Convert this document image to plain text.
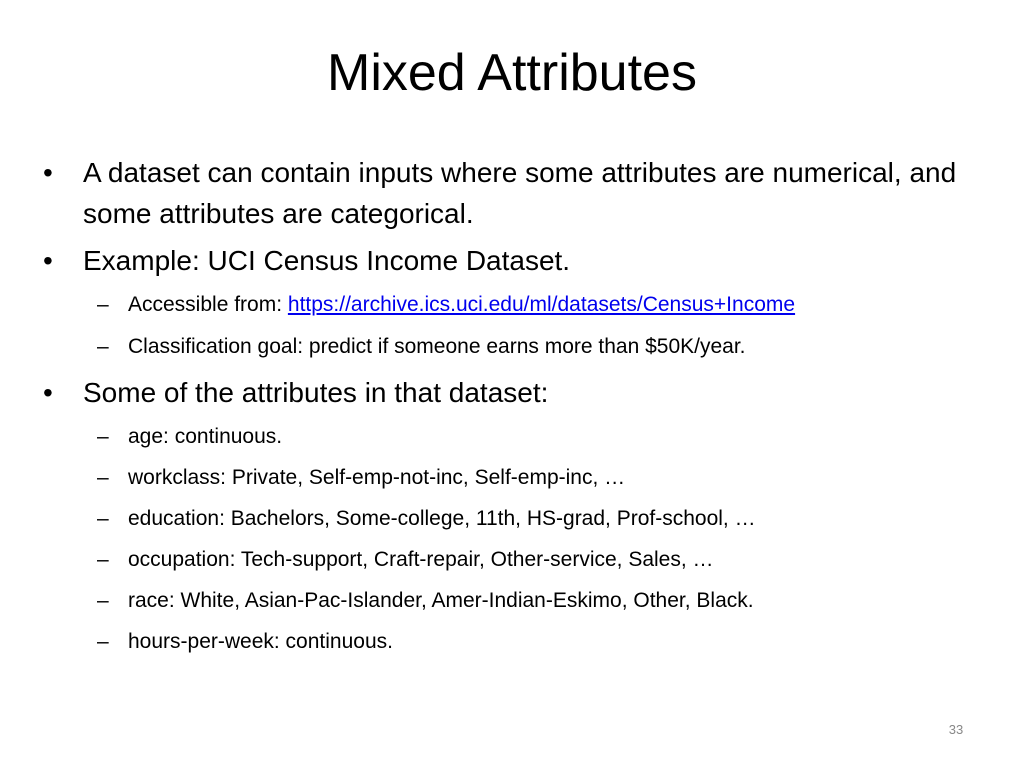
Mixed Attributes
• A dataset can contain inputs where some attributes are numerical, and some attributes are categorical.
• Example: UCI Census Income Dataset.
– Accessible from: https://archive.ics.uci.edu/ml/datasets/Census+Income
– Classification goal: predict if someone earns more than $50K/year.
• Some of the attributes in that dataset:
– age: continuous.
– workclass: Private, Self-emp-not-inc, Self-emp-inc, …
– education: Bachelors, Some-college, 11th, HS-grad, Prof-school, …
– occupation: Tech-support, Craft-repair, Other-service, Sales, …
– race: White, Asian-Pac-Islander, Amer-Indian-Eskimo, Other, Black.
– hours-per-week: continuous.
33
